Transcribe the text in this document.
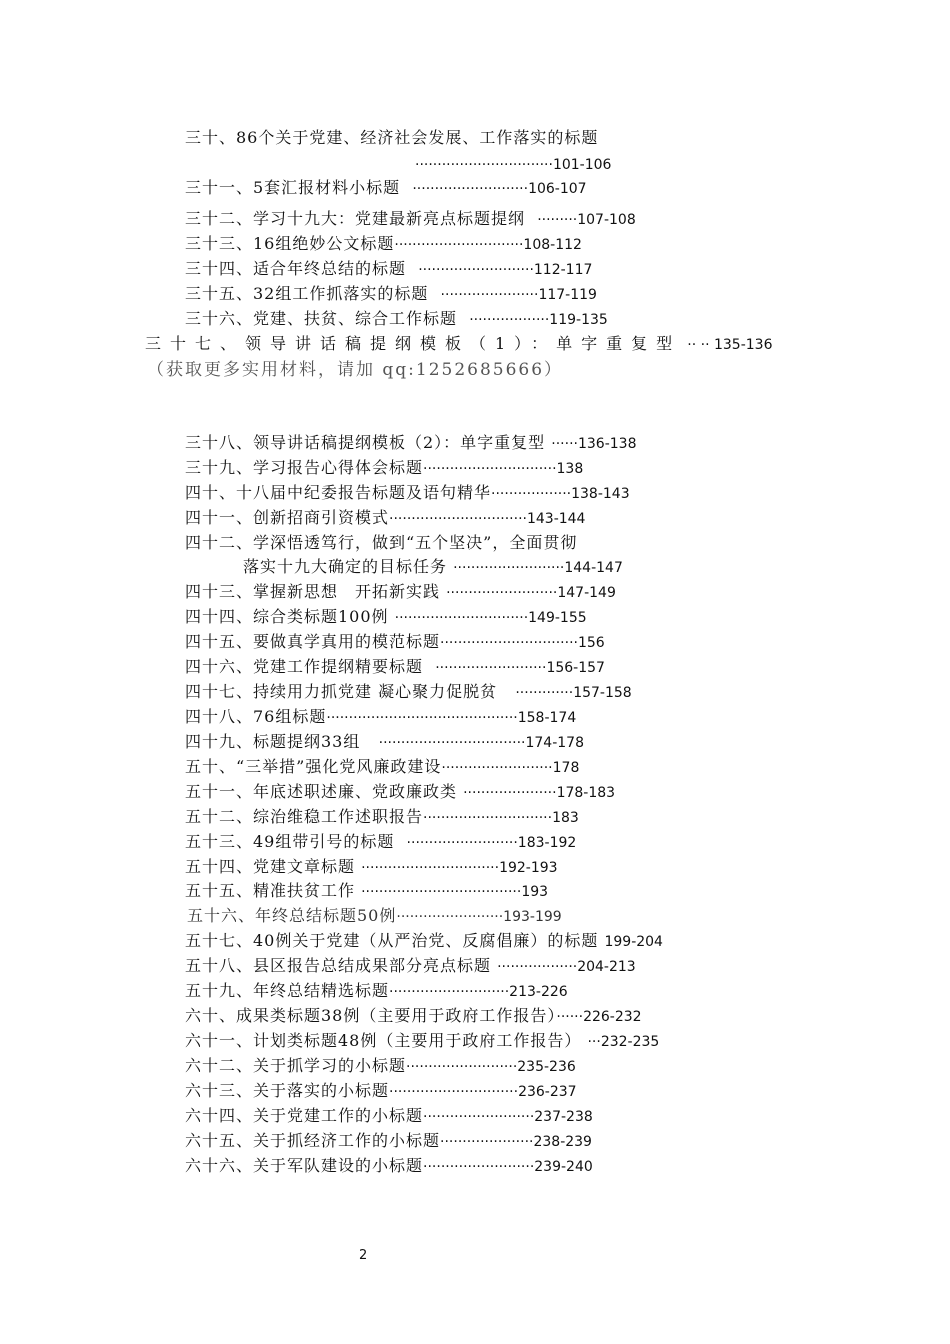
三十、86个关于党建、经济社会发展、工作落实的标题
·······························101-106
三十一、5套汇报材料小标题 ··························106-107
三十二、学习十九大：党建最新亮点标题提纲 ·········107-108
三十三、16组绝妙公文标题·····························108-112
三十四、适合年终总结的标题 ··························112-117
三十五、32组工作抓落实的标题 ······················117-119
三十六、党建、扶贫、综合工作标题 ··················119-135
三十七、领导讲话稿提纲模板（1）：单字重复型 ·· ·· 135-136
（获取更多实用材料，请加 qq:1252685666）
三十八、领导讲话稿提纲模板（2）：单字重复型 ······136-138
三十九、学习报告心得体会标题······························138
四十、十八届中纪委报告标题及语句精华··················138-143
四十一、创新招商引资模式·······························143-144
四十二、学深悟透笃行，做到“五个坚决”，全面贯彻
落实十九大确定的目标任务 ·························144-147
四十三、掌握新思想　开拓新实践 ·························147-149
四十四、综合类标题100例 ······························149-155
四十五、要做真学真用的模范标题·······························156
四十六、党建工作提纲精要标题 ·························156-157
四十七、持续用力抓党建 凝心聚力促脱贫 ·············157-158
四十八、76组标题···········································158-174
四十九、标题提纲33组 ·································174-178
五十、“三举措”强化党风廉政建设·························178
五十一、年底述职述廉、党政廉政类 ·····················178-183
五十二、综治维稳工作述职报告·····························183
五十三、49组带引号的标题 ·························183-192
五十四、党建文章标题 ·······························192-193
五十五、精准扶贫工作 ····································193
五十六、年终总结标题50例························193-199
五十七、40例关于党建（从严治党、反腐倡廉）的标题 199-204
五十八、县区报告总结成果部分亮点标题 ··················204-213
五十九、年终总结精选标题···························213-226
六十、成果类标题38例（主要用于政府工作报告）······226-232
六十一、计划类标题48例（主要用于政府工作报告） ···232-235
六十二、关于抓学习的小标题·························235-236
六十三、关于落实的小标题·····························236-237
六十四、关于党建工作的小标题·························237-238
六十五、关于抓经济工作的小标题·····················238-239
六十六、关于军队建设的小标题·························239-240
2
